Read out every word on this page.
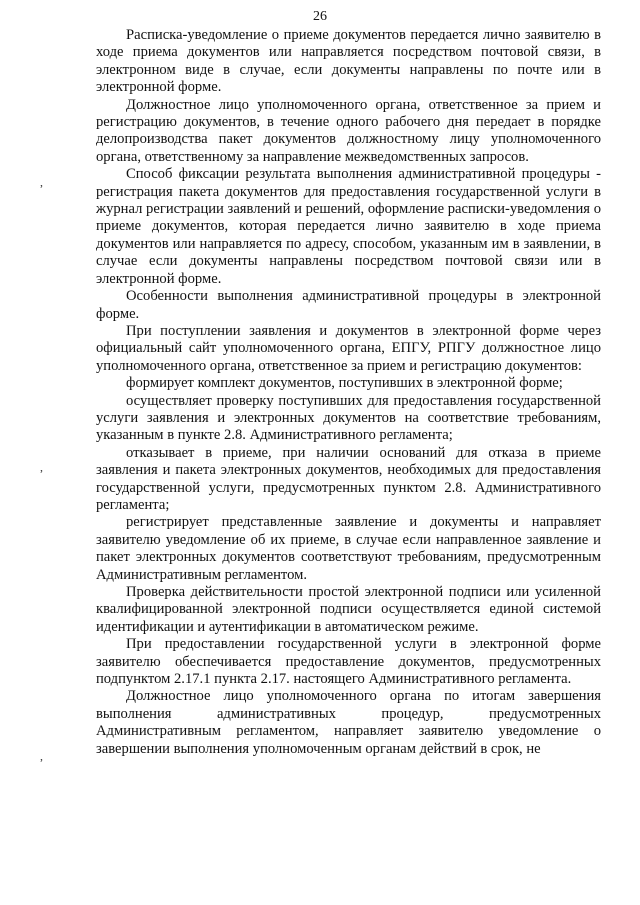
26
,
,
,

Расписка-уведомление о приеме документов передается лично заявителю в ходе приема документов или направляется посредством почтовой связи, в электронном виде в случае, если документы направлены по почте или в электронной форме.

Должностное лицо уполномоченного органа, ответственное за прием и регистрацию документов, в течение одного рабочего дня передает в порядке делопроизводства пакет документов должностному лицу уполномоченного органа, ответственному за направление межведомственных запросов.

Способ фиксации результата выполнения административной процедуры - регистрация пакета документов для предоставления государственной услуги в журнал регистрации заявлений и решений, оформление расписки-уведомления о приеме документов, которая передается лично заявителю в ходе приема документов или направляется по адресу, способом, указанным им в заявлении, в случае если документы направлены посредством почтовой связи или в электронной форме.

Особенности выполнения административной процедуры в электронной форме.

При поступлении заявления и документов в электронной форме через официальный сайт уполномоченного органа, ЕПГУ, РПГУ должностное лицо уполномоченного органа, ответственное за прием и регистрацию документов:

формирует комплект документов, поступивших в электронной форме;

осуществляет проверку поступивших для предоставления государственной услуги заявления и электронных документов на соответствие требованиям, указанным в пункте 2.8. Административного регламента;

отказывает в приеме, при наличии оснований для отказа в приеме заявления и пакета электронных документов, необходимых для предоставления государственной услуги, предусмотренных пунктом 2.8. Административного регламента;

регистрирует представленные заявление и документы и направляет заявителю уведомление об их приеме, в случае если направленное заявление и пакет электронных документов соответствуют требованиям, предусмотренным Административным регламентом.

Проверка действительности простой электронной подписи или усиленной квалифицированной электронной подписи осуществляется единой системой идентификации и аутентификации в автоматическом режиме.

При предоставлении государственной услуги в электронной форме заявителю обеспечивается предоставление документов, предусмотренных подпунктом 2.17.1 пункта 2.17. настоящего Административного регламента.

Должностное лицо уполномоченного органа по итогам завершения выполнения административных процедур, предусмотренных Административным регламентом, направляет заявителю уведомление о завершении выполнения уполномоченным органам действий в срок, не
